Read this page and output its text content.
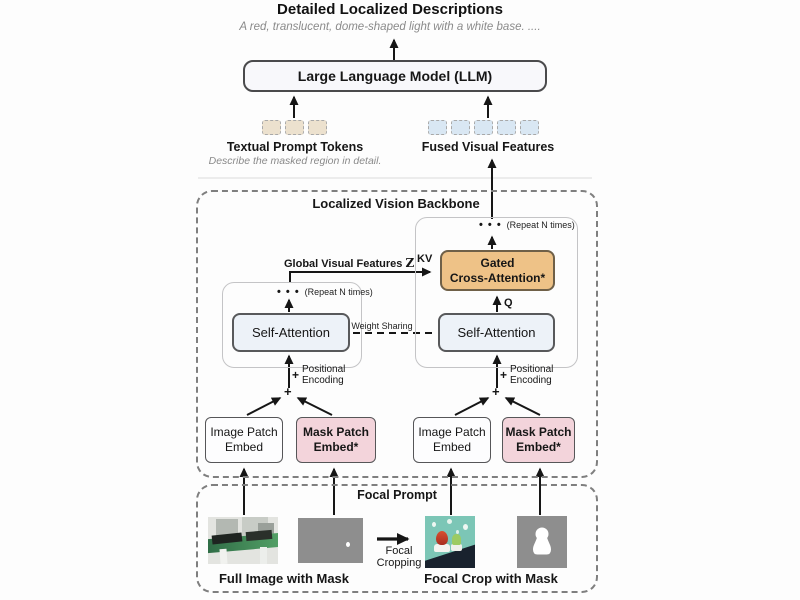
Detailed Localized Descriptions
A red, translucent, dome-shaped light with a white base. ....
Large Language Model (LLM)
Textual Prompt Tokens
Describe the masked region in detail.
Fused Visual Features
Localized Vision Backbone
• • • (Repeat N times)
• • • (Repeat N times)
Global Visual Features Z KV
Q
Gated
Cross-Attention*
Self-Attention	Self-Attention
Weight Sharing
+ Positional
Encoding	+ Positional
Encoding
+	+
Image Patch
Embed
Mask Patch
Embed*
Image Patch
Embed
Mask Patch
Embed*
Focal Prompt
Focal
Cropping
Full Image with Mask	Focal Crop with Mask
